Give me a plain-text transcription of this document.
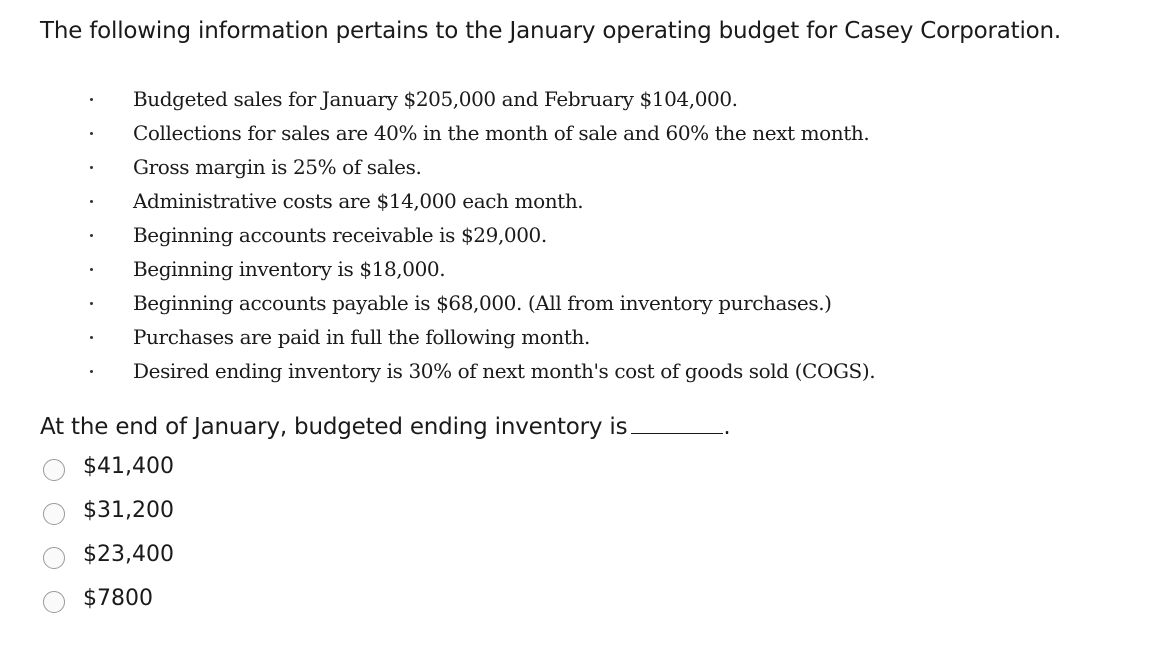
The following information pertains to the January operating budget for Casey Corporation.
Budgeted sales for January $205,000 and February $104,000.
Collections for sales are 40% in the month of sale and 60% the next month.
Gross margin is 25% of sales.
Administrative costs are $14,000 each month.
Beginning accounts receivable is $29,000.
Beginning inventory is $18,000.
Beginning accounts payable is $68,000. (All from inventory purchases.)
Purchases are paid in full the following month.
Desired ending inventory is 30% of next month's cost of goods sold (COGS).
At the end of January, budgeted ending inventory is	.
$41,400
$31,200
$23,400
$7800
